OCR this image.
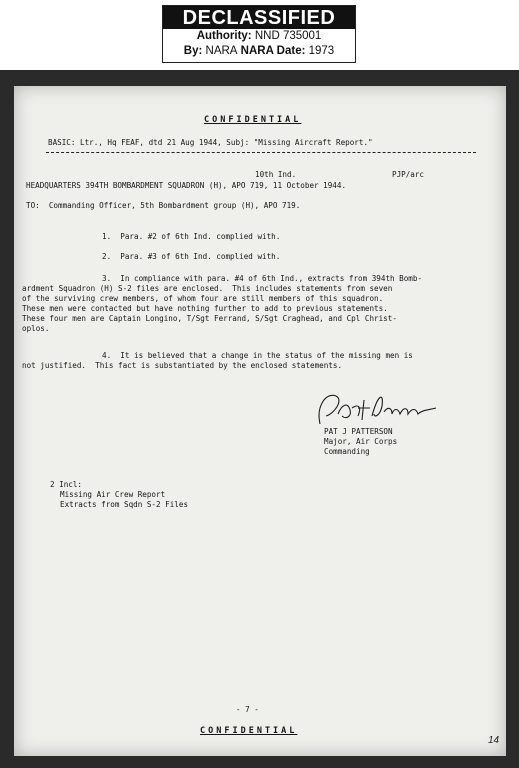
DECLASSIFIED
Authority: NND 735001
By: NARA NARA Date: 1973
CONFIDENTIAL
BASIC: Ltr., Hq FEAF, dtd 21 Aug 1944, Subj: "Missing Aircraft Report."
10th Ind.	PJP/arc
HEADQUARTERS 394TH BOMBARDMENT SQUADRON (H), APO 719, 11 October 1944.
TO:  Commanding Officer, 5th Bombardment group (H), APO 719.
1.  Para. #2 of 6th Ind. complied with.
2.  Para. #3 of 6th Ind. complied with.
3.  In compliance with para. #4 of 6th Ind., extracts from 394th Bomb-
ardment Squadron (H) S-2 files are enclosed.  This includes statements from seven
of the surviving crew members, of whom four are still members of this squadron.
These men were contacted but have nothing further to add to previous statements.
These four men are Captain Longino, T/Sgt Ferrand, S/Sgt Craghead, and Cpl Christ-
oplos.
4.  It is believed that a change in the status of the missing men is
not justified.  This fact is substantiated by the enclosed statements.
PAT J PATTERSON
Major, Air Corps
Commanding
2 Incl:
Missing Air Crew Report
Extracts from Sqdn S-2 Files
- 7 -
CONFIDENTIAL
14
